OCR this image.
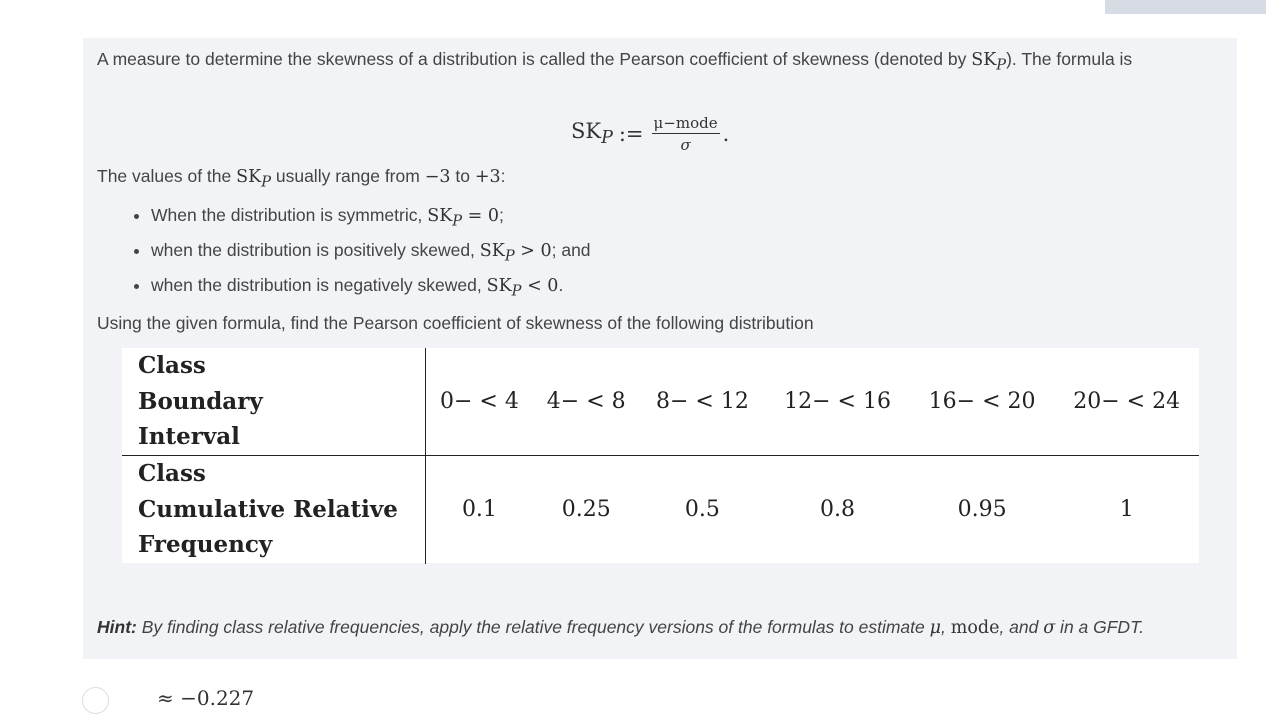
A measure to determine the skewness of a distribution is called the Pearson coefficient of skewness (denoted by $SK_P$). The formula is
$SK_P$ := $\frac{\text{μ−mode}}{\sigma}$ .
The values of the $SK_P$ usually range from −3 to +3:
• When the distribution is symmetric, $SK_P = 0$;
• when the distribution is positively skewed, $SK_P > 0$; and
• when the distribution is negatively skewed, $SK_P < 0$.
Using the given formula, find the Pearson coefficient of skewness of the following distribution
Class
Boundary
Interval	0− < 4	4− < 8	8− < 12	12− < 16	16− < 20	20− < 24

Class
Cumulative Relative
Frequency	0.1	0.25	0.5	0.8	0.95	1
Hint: By finding class relative frequencies, apply the relative frequency versions of the formulas to estimate μ, mode, and σ in a GFDT.
≈ −0.227
